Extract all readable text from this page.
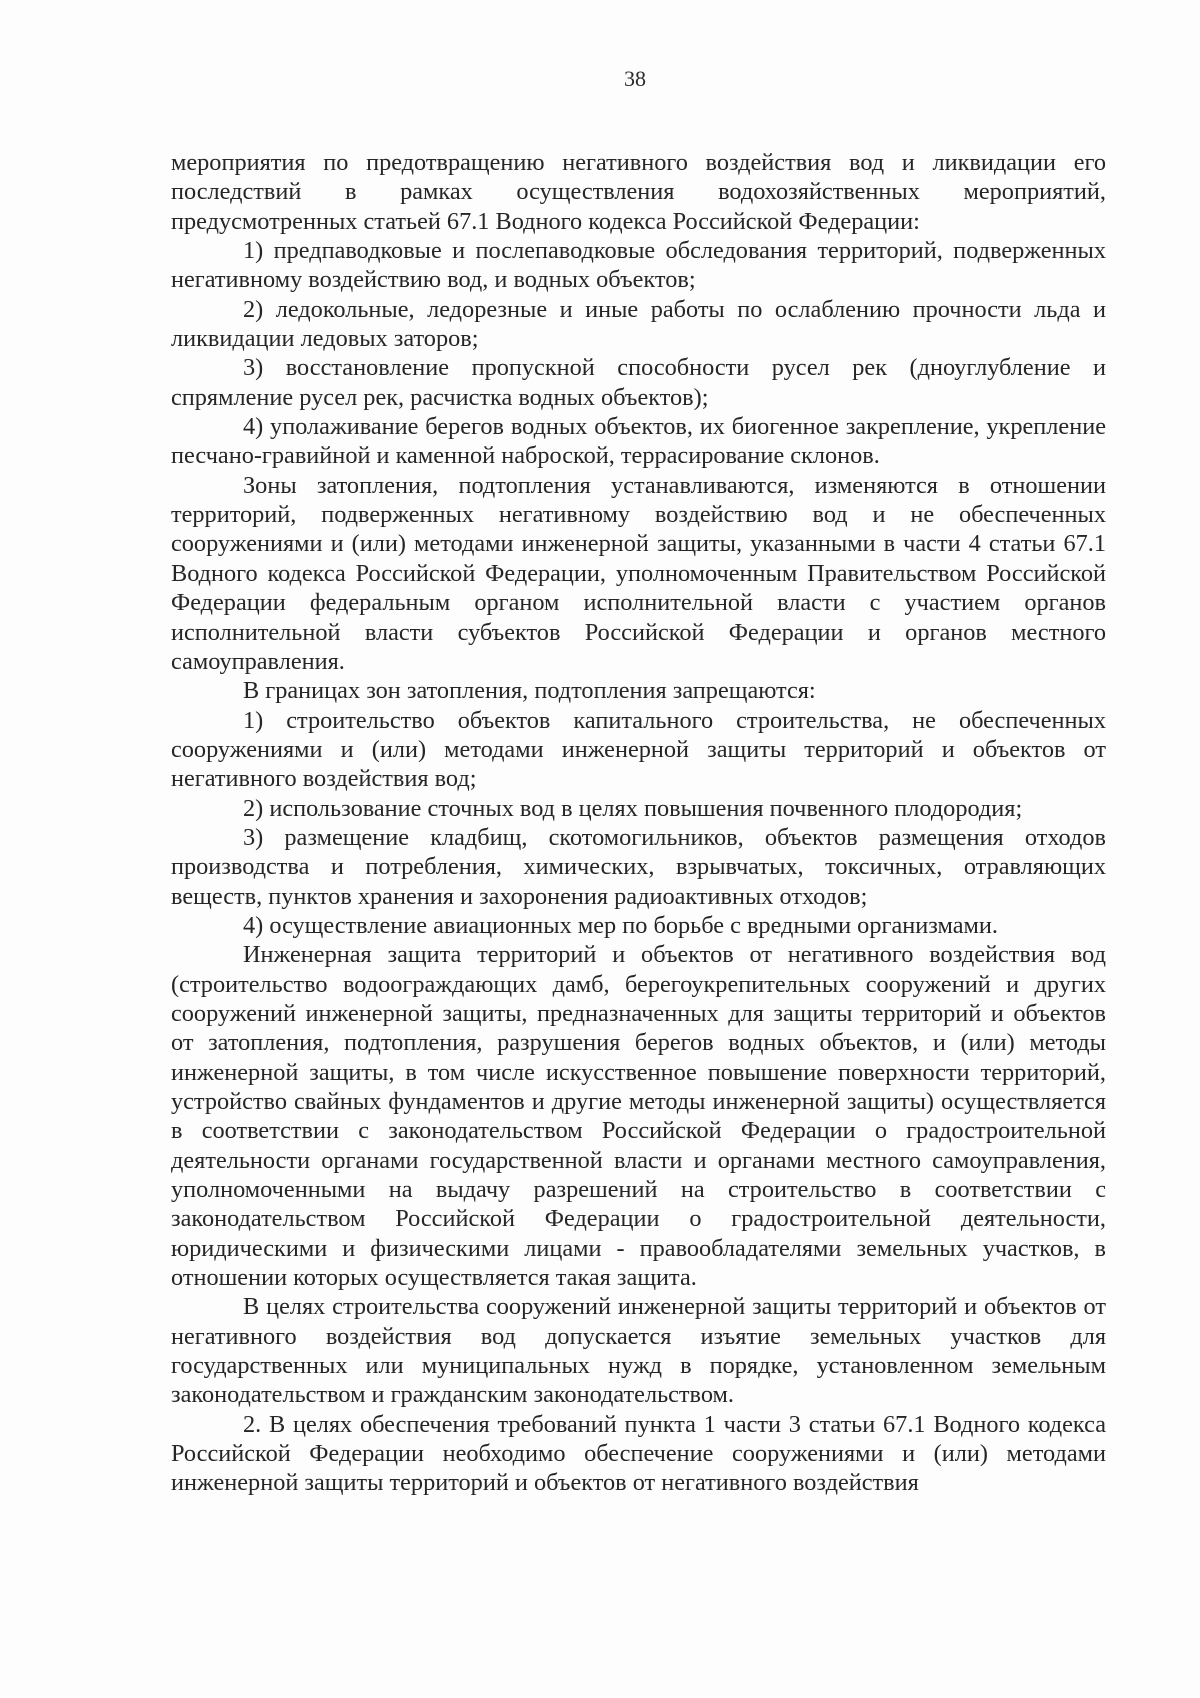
38

мероприятия по предотвращению негативного воздействия вод и ликвидации его последствий в рамках осуществления водохозяйственных мероприятий, предусмотренных статьей 67.1 Водного кодекса Российской Федерации:

1) предпаводковые и послепаводковые обследования территорий, подверженных негативному воздействию вод, и водных объектов;

2) ледокольные, ледорезные и иные работы по ослаблению прочности льда и ликвидации ледовых заторов;

3) восстановление пропускной способности русел рек (дноуглубление и спрямление русел рек, расчистка водных объектов);

4) уполаживание берегов водных объектов, их биогенное закрепление, укрепление песчано-гравийной и каменной наброской, террасирование склонов.

Зоны затопления, подтопления устанавливаются, изменяются в отношении территорий, подверженных негативному воздействию вод и не обеспеченных сооружениями и (или) методами инженерной защиты, указанными в части 4 статьи 67.1 Водного кодекса Российской Федерации, уполномоченным Правительством Российской Федерации федеральным органом исполнительной власти с участием органов исполнительной власти субъектов Российской Федерации и органов местного самоуправления.

В границах зон затопления, подтопления запрещаются:

1) строительство объектов капитального строительства, не обеспеченных сооружениями и (или) методами инженерной защиты территорий и объектов от негативного воздействия вод;

2) использование сточных вод в целях повышения почвенного плодородия;

3) размещение кладбищ, скотомогильников, объектов размещения отходов производства и потребления, химических, взрывчатых, токсичных, отравляющих веществ, пунктов хранения и захоронения радиоактивных отходов;

4) осуществление авиационных мер по борьбе с вредными организмами.

Инженерная защита территорий и объектов от негативного воздействия вод (строительство водоограждающих дамб, берегоукрепительных сооружений и других сооружений инженерной защиты, предназначенных для защиты территорий и объектов от затопления, подтопления, разрушения берегов водных объектов, и (или) методы инженерной защиты, в том числе искусственное повышение поверхности территорий, устройство свайных фундаментов и другие методы инженерной защиты) осуществляется в соответствии с законодательством Российской Федерации о градостроительной деятельности органами государственной власти и органами местного самоуправления, уполномоченными на выдачу разрешений на строительство в соответствии с законодательством Российской Федерации о градостроительной деятельности, юридическими и физическими лицами - правообладателями земельных участков, в отношении которых осуществляется такая защита.

В целях строительства сооружений инженерной защиты территорий и объектов от негативного воздействия вод допускается изъятие земельных участков для государственных или муниципальных нужд в порядке, установленном земельным законодательством и гражданским законодательством.

2. В целях обеспечения требований пункта 1 части 3 статьи 67.1 Водного кодекса Российской Федерации необходимо обеспечение сооружениями и (или) методами инженерной защиты территорий и объектов от негативного воздействия
